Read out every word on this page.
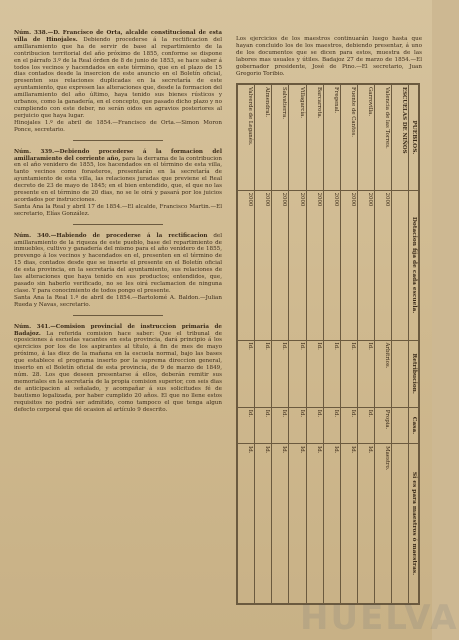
Núm. 338.—D. Francisco de Orta, alcalde constitucional de esta villa de Hinojales. Debiendo procederse á la rectificacion del amillaramiento que ha de servir de base al repartimiento de la contribucion territorial del año próximo de 1855, conforme se dispone en el párrafo 3.º de la Real órden de 8 de junio de 1853, se hace saber á todos los vecinos y hacendados en este término, que en el plazo de 15 dias contados desde la insercion de este anuncio en el Boletín oficial, presenten sus relaciones duplicadas en la secretaría de este ayuntamiento, que expresen las alteraciones que, desde la formacion del amillaramiento del año último, haya tenido sus bienes rústicos y urbanos, como la ganadería, en el concepto, que pasado dicho plazo y no cumpliendo con este deber, no serán oidos en agravios posteriores al perjuicio que haya lugar.
Hinojales 1.º de abril de 1854.—Francisco de Orta.—Simon Moron Ponce, secretario.
Núm. 339.—Debiendo procederse á la formacion del amillaramiento del corriente año, para la derrama de la contribucion en el año venidero de 1855, los hacendados en el término de esta villa, tanto vecinos como forasteros, presentarán en la secretaría de ayuntamiento de esta villa, las relaciones juradas que previene el Real decreto de 23 de mayo de 1845; en el bien entendido, que, el que no las presente en el término de 20 dias, no se le oirá y pasará por los juicios acordados por instrucciones.
Santa Ana la Real y abril 17 de 1854.—El alcalde, Francisco Martin.—El secretario, Elías González.
Núm. 340.—Habiendo de procederse á la rectificacion del amillaramiento de la riqueza de este pueblo, base del repartimiento de inmuebles, cultivo y ganadería del mismo para el año venidero de 1855, prevengo á los vecinos y hacendados en el, presenten en el término de 15 dias, contados desde que se inserte el presente en el Boletín oficial de esta provincia, en la secretaría del ayuntamiento, sus relaciones de las alteraciones que haya tenido en sus productos; entendidos, que, pasado sin haberlo verificado, no se les oirá reclamacion de ninguna clase. Y para conocimiento de todos pongo el presente.
Santa Ana la Real 1.º de abril de 1854.—Bartolomé A. Baldon.—Julian Rueda y Navas, secretario.
Núm. 341.—Comision provincial de instruccion primaria de Badajoz. La referida comision hace saber: Que el tribunal de oposiciones á escuelas vacantes en esta provincia, dará principio á los ejercicios por los de los aspirantes al título, á fin de mes de mayo próximo, á las diez de la mañana en la escuela normal, bajo las bases que establece el programa inserto por la suprema direccion general, inserto en el Boletín oficial de esta provincia, de 9 de marzo de 1849, núm. 28. Los que deseen presentarse á ellos, deberán remitir sus memoriales en la secretaría de la propia comision superior, con seis dias de anticipacion al señalado, y acompañar á sus solicitudes fé de bautismo legalizada, por haber cumplido 20 años. El que no llene estos requisitos no podrá ser admitido, como tampoco el que tenga algun defecto corporal que dé ocasion al artículo 9 descrito.
Los ejercicios de los maestros continuarán luego hasta que hayan concluido los de los maestros, debiendo presentar, á uno de los documentos que se dicen para estos, muestra de las labores mas usuales y útiles. Badajoz 27 de marzo de 1854.—El gobernador presidente, José de Pino.—El secretario, Juan Gregorio Toribio.
PUEBLOS.	Dotacion fija de cada escuela.	Retribucion.	Casa.	Si es para maestros ó maestras.
ESCUELAS DE NIÑOS				
Valencia de las Torres.	2000	Arbitrios.	Propia.	Maestro.
Garrovilla.	2000	Id.	Id.	Id.
Fuente de Cantos.	2000	Id.	Id.	Id.
Fregenal.	2000	Id.	Id.	Id.
Barcarrota.	2000	Id.	Id.	Id.
Villagarcía.	2000	Id.	Id.	Id.
Salvatierra.	2000	Id.	Id.	Id.
Almendral.	2000	Id.	Id.	Id.
Valverde de Leganés.	2000	Id.	Id.	Id.
HUELVA
